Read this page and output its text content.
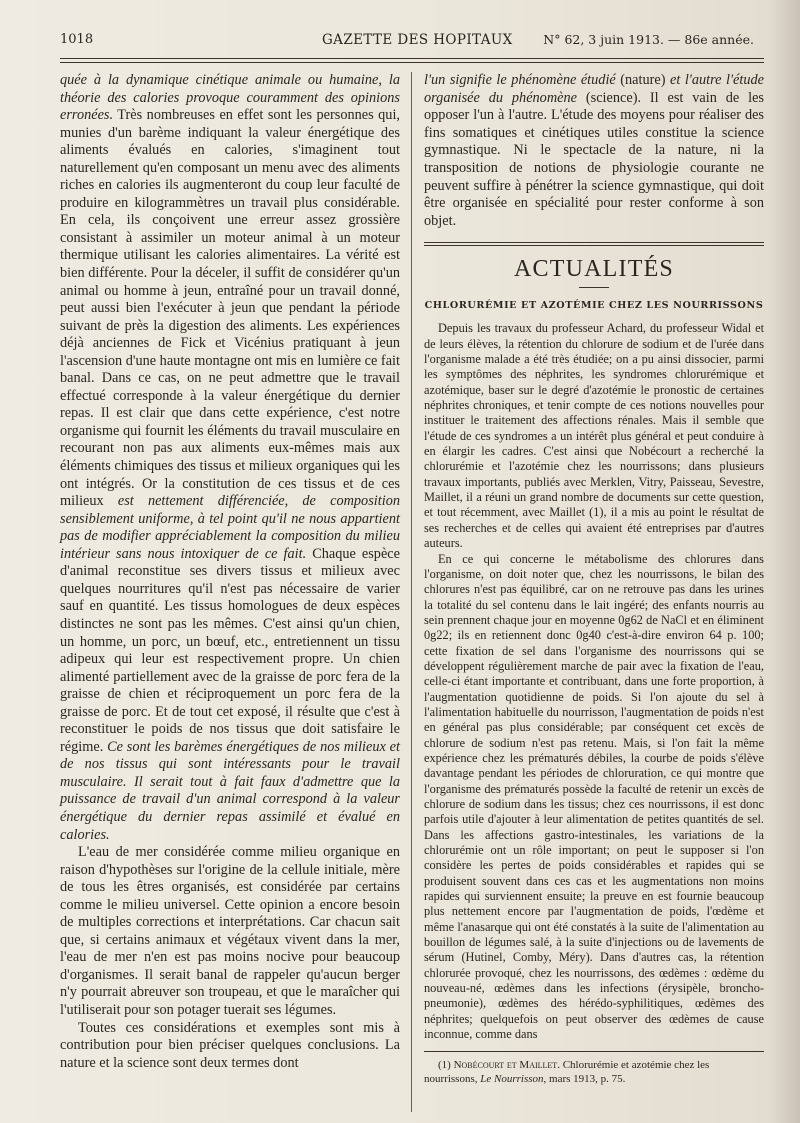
1018	GAZETTE DES HOPITAUX N° 62, 3 juin 1913. — 86e année.

quée à la dynamique cinétique animale ou humaine, la théorie des calories provoque couramment des opinions erronées. Très nombreuses en effet sont les personnes qui, munies d'un barème indiquant la valeur énergétique des aliments évalués en calories, s'imaginent tout naturellement qu'en composant un menu avec des aliments riches en calories ils augmenteront du coup leur faculté de produire en kilogrammètres un travail plus considérable. En cela, ils conçoivent une erreur assez grossière consistant à assimiler un moteur animal à un moteur thermique utilisant les calories alimentaires. La vérité est bien différente. Pour la déceler, il suffit de considérer qu'un animal ou homme à jeun, entraîné pour un travail donné, peut aussi bien l'exécuter à jeun que pendant la période suivant de près la digestion des aliments. Les expériences déjà anciennes de Fick et Vicénius pratiquant à jeun l'ascension d'une haute montagne ont mis en lumière ce fait banal. Dans ce cas, on ne peut admettre que le travail effectué corresponde à la valeur énergétique du dernier repas. Il est clair que dans cette expérience, c'est notre organisme qui fournit les éléments du travail musculaire en recourant non pas aux aliments eux-mêmes mais aux éléments chimiques des tissus et milieux organiques qui les ont intégrés. Or la constitution de ces tissus et de ces milieux est nettement différenciée, de composition sensiblement uniforme, à tel point qu'il ne nous appartient pas de modifier appréciablement la composition du milieu intérieur sans nous intoxiquer de ce fait. Chaque espèce d'animal reconstitue ses divers tissus et milieux avec quelques nourritures qu'il n'est pas nécessaire de varier sauf en quantité. Les tissus homologues de deux espèces distinctes ne sont pas les mêmes. C'est ainsi qu'un chien, un homme, un porc, un bœuf, etc., entretiennent un tissu adipeux qui leur est respectivement propre. Un chien alimenté partiellement avec de la graisse de porc fera de la graisse de chien et réciproquement un porc fera de la graisse de porc. Et de tout cet exposé, il résulte que c'est à reconstituer le poids de nos tissus que doit satisfaire le régime. Ce sont les barèmes énergétiques de nos milieux et de nos tissus qui sont intéressants pour le travail musculaire. Il serait tout à fait faux d'admettre que la puissance de travail d'un animal correspond à la valeur énergétique du dernier repas assimilé et évalué en calories.

L'eau de mer considérée comme milieu organique en raison d'hypothèses sur l'origine de la cellule initiale, mère de tous les êtres organisés, est considérée par certains comme le milieu universel. Cette opinion a encore besoin de multiples corrections et interprétations. Car chacun sait que, si certains animaux et végétaux vivent dans la mer, l'eau de mer n'en est pas moins nocive pour beaucoup d'organismes. Il serait banal de rappeler qu'aucun berger n'y pourrait abreuver son troupeau, et que le maraîcher qui l'utiliserait pour son potager tuerait ses légumes.

Toutes ces considérations et exemples sont mis à contribution pour bien préciser quelques conclusions. La nature et la science sont deux termes dont

l'un signifie le phénomène étudié (nature) et l'autre l'étude organisée du phénomène (science). Il est vain de les opposer l'un à l'autre. L'étude des moyens pour réaliser des fins somatiques et cinétiques utiles constitue la science gymnastique. Ni le spectacle de la nature, ni la transposition de notions de physiologie courante ne peuvent suffire à pénétrer la science gymnastique, qui doit être organisée en spécialité pour rester conforme à son objet.

ACTUALITÉS
CHLORURÉMIE ET AZOTÉMIE CHEZ LES NOURRISSONS

Depuis les travaux du professeur Achard, du professeur Widal et de leurs élèves, la rétention du chlorure de sodium et de l'urée dans l'organisme malade a été très étudiée; on a pu ainsi dissocier, parmi les symptômes des néphrites, les syndromes chlorurémique et azotémique, baser sur le degré d'azotémie le pronostic de certaines néphrites chroniques, et tenir compte de ces notions nouvelles pour instituer le traitement des affections rénales. Mais il semble que l'étude de ces syndromes a un intérêt plus général et peut conduire à en élargir les cadres. C'est ainsi que Nobécourt a recherché la chlorurémie et l'azotémie chez les nourrissons; dans plusieurs travaux importants, publiés avec Merklen, Vitry, Paisseau, Sevestre, Maillet, il a réuni un grand nombre de documents sur cette question, et tout récemment, avec Maillet (1), il a mis au point le résultat de ses recherches et de celles qui avaient été entreprises par d'autres auteurs.

En ce qui concerne le métabolisme des chlorures dans l'organisme, on doit noter que, chez les nourrissons, le bilan des chlorures n'est pas équilibré, car on ne retrouve pas dans les urines la totalité du sel contenu dans le lait ingéré; des enfants nourris au sein prennent chaque jour en moyenne 0g62 de NaCl et en éliminent 0g22; ils en retiennent donc 0g40 c'est-à-dire environ 64 p. 100; cette fixation de sel dans l'organisme des nourrissons qui se développent régulièrement marche de pair avec la fixation de l'eau, celle-ci étant importante et contribuant, dans une forte proportion, à l'augmentation quotidienne de poids. Si l'on ajoute du sel à l'alimentation habituelle du nourrisson, l'augmentation de poids n'est en général pas plus considérable; par conséquent cet excès de chlorure de sodium n'est pas retenu. Mais, si l'on fait la même expérience chez les prématurés débiles, la courbe de poids s'élève davantage pendant les périodes de chloruration, ce qui montre que l'organisme des prématurés possède la faculté de retenir un excès de chlorure de sodium dans les tissus; chez ces nourrissons, il est donc parfois utile d'ajouter à leur alimentation de petites quantités de sel. Dans les affections gastro-intestinales, les variations de la chlorurémie ont un rôle important; on peut le supposer si l'on considère les pertes de poids considérables et rapides qui se produisent souvent dans ces cas et les augmentations non moins rapides qui surviennent ensuite; la preuve en est fournie beaucoup plus nettement encore par l'augmentation de poids, l'œdème et même l'anasarque qui ont été constatés à la suite de l'alimentation au bouillon de légumes salé, à la suite d'injections ou de lavements de sérum (Hutinel, Comby, Méry). Dans d'autres cas, la rétention chlorurée provoqué, chez les nourrissons, des œdèmes : œdème du nouveau-né, œdèmes dans les infections (érysipèle, broncho-pneumonie), œdèmes des hérédo-syphilitiques, œdèmes des néphrites; quelquefois on peut observer des œdèmes de cause inconnue, comme dans

(1) Nobécourt et Maillet. Chlorurémie et azotémie chez les nourrissons, Le Nourrisson, mars 1913, p. 75.
